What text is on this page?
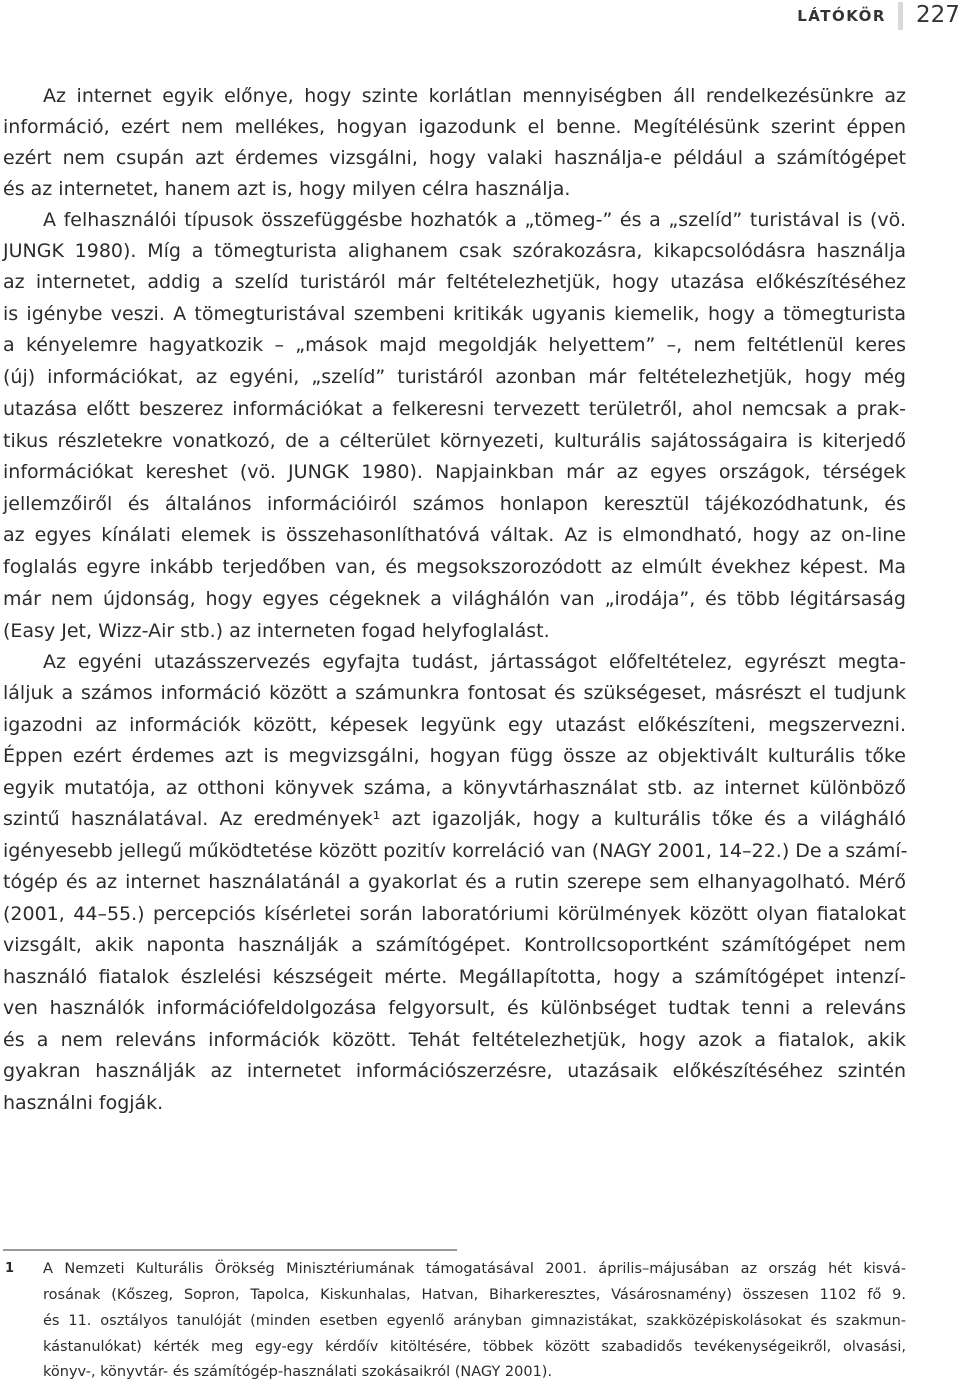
LÁTÓKÖR 227
Az internet egyik előnye, hogy szinte korlátlan mennyiségben áll rendelkezésünkre az
információ, ezért nem mellékes, hogyan igazodunk el benne. Megítélésünk szerint éppen
ezért nem csupán azt érdemes vizsgálni, hogy valaki használja-e például a számítógépet
és az internetet, hanem azt is, hogy milyen célra használja.
A felhasználói típusok összefüggésbe hozhatók a „tömeg-” és a „szelíd” turistával is (vö.
JUNGK 1980). Míg a tömegturista alighanem csak szórakozásra, kikapcsolódásra használja
az internetet, addig a szelíd turistáról már feltételezhetjük, hogy utazása előkészítéséhez
is igénybe veszi. A tömegturistával szembeni kritikák ugyanis kiemelik, hogy a tömegturista
a kényelemre hagyatkozik – „mások majd megoldják helyettem” –, nem feltétlenül keres
(új) információkat, az egyéni, „szelíd” turistáról azonban már feltételezhetjük, hogy még
utazása előtt beszerez információkat a felkeresni tervezett területről, ahol nemcsak a prak-
tikus részletekre vonatkozó, de a célterület környezeti, kulturális sajátosságaira is kiterjedő
információkat kereshet (vö. JUNGK 1980). Napjainkban már az egyes országok, térségek
jellemzőiről és általános információiról számos honlapon keresztül tájékozódhatunk, és
az egyes kínálati elemek is összehasonlíthatóvá váltak. Az is elmondható, hogy az on-line
foglalás egyre inkább terjedőben van, és megsokszorozódott az elmúlt évekhez képest. Ma
már nem újdonság, hogy egyes cégeknek a világhálón van „irodája”, és több légitársaság
(Easy Jet, Wizz-Air stb.) az interneten fogad helyfoglalást.
Az egyéni utazásszervezés egyfajta tudást, jártasságot előfeltételez, egyrészt megta-
láljuk a számos információ között a számunkra fontosat és szükségeset, másrészt el tudjunk
igazodni az információk között, képesek legyünk egy utazást előkészíteni, megszervezni.
Éppen ezért érdemes azt is megvizsgálni, hogyan függ össze az objektivált kulturális tőke
egyik mutatója, az otthoni könyvek száma, a könyvtárhasználat stb. az internet különböző
szintű használatával. Az eredmények¹ azt igazolják, hogy a kulturális tőke és a világháló
igényesebb jellegű működtetése között pozitív korreláció van (NAGY 2001, 14–22.) De a számí-
tógép és az internet használatánál a gyakorlat és a rutin szerepe sem elhanyagolható. Mérő
(2001, 44–55.) percepciós kísérletei során laboratóriumi körülmények között olyan fiatalokat
vizsgált, akik naponta használják a számítógépet. Kontrollcsoportként számítógépet nem
használó fiatalok észlelési készségeit mérte. Megállapította, hogy a számítógépet intenzí-
ven használók információfeldolgozása felgyorsult, és különbséget tudtak tenni a releváns
és a nem releváns információk között. Tehát feltételezhetjük, hogy azok a fiatalok, akik
gyakran használják az internetet információszerzésre, utazásaik előkészítéséhez szintén
használni fogják.
1 A Nemzeti Kulturális Örökség Minisztériumának támogatásával 2001. április–májusában az ország hét kisvá-
rosának (Kőszeg, Sopron, Tapolca, Kiskunhalas, Hatvan, Biharkeresztes, Vásárosnamény) összesen 1102 fő 9.
és 11. osztályos tanulóját (minden esetben egyenlő arányban gimnazistákat, szakközépiskolásokat és szakmun-
kástanulókat) kérték meg egy-egy kérdőív kitöltésére, többek között szabadidős tevékenységeikről, olvasási,
könyv-, könyvtár- és számítógép-használati szokásaikról (NAGY 2001).
